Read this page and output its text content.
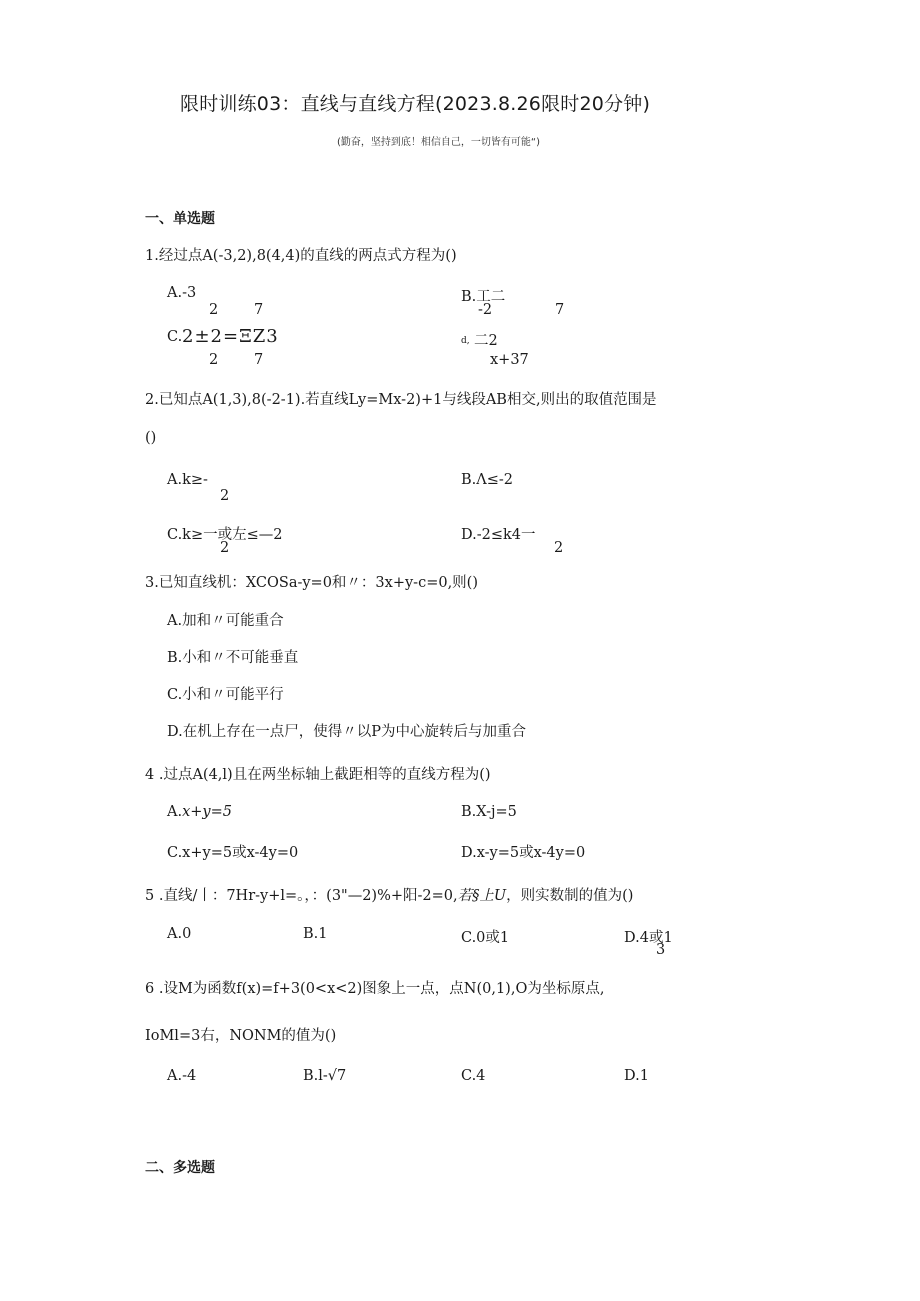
限时训练03：直线与直线方程(2023.8.26限时20分钟)
(勤奋，坚持到底！相信自己，一切皆有可能“)
一、单选题
1.经过点A(-3,2),8(4,4)的直线的两点式方程为()
A.-3
2 7
B.工二
-2	7
C. 2±2=ΞZ3
2 7
d, 二2
x+37
2.已知点A(1,3),8(-2-1).若直线Ly=Mx-2)+1与线段AB相交,则出的取值范围是
()
A.k≥-
2
B.Λ≤-2
C.k≥一或左≤—2
2
D.-2≤k4一
2
3.已知直线机：XCOSa-y=0和〃：3x+y-c=0,则()
A.加和〃可能重合
B.小和〃不可能垂直
C.小和〃可能平行
D.在机上存在一点尸，使得〃以P为中心旋转后与加重合
4 .过点A(4,l)且在两坐标轴上截距相等的直线方程为()
A.x+y=5	B.X-j=5
C.x+y=5或x-4y=0	D.x-y=5或x-4y=0
5 .直线/丨：7Hr-y+l=。，：(3"—2)%+阳-2=0,若§上U，则实数制的值为()
A.0	B.1	C.0或1	D.4或1
3
6 .设M为函数f(x)=f+3(0<x<2)图象上一点，点N(0,1),O为坐标原点,
IoMl=3右，NONM的值为()
A.-4	B.l-√7	C.4	D.1
二、多选题
